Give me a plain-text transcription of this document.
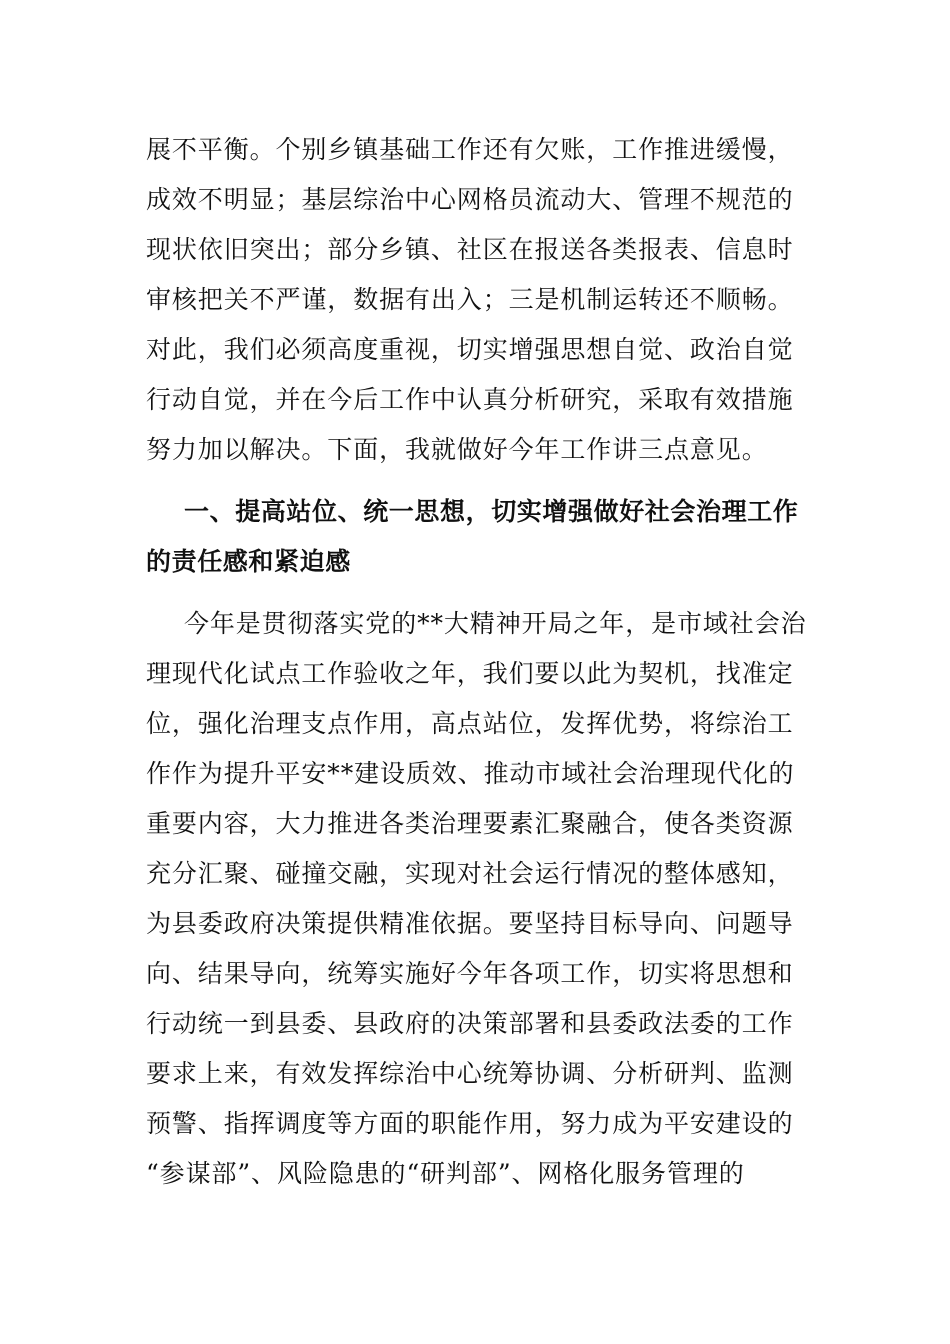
展不平衡。个别乡镇基础工作还有欠账，工作推进缓慢，
成效不明显；基层综治中心网格员流动大、管理不规范的
现状依旧突出；部分乡镇、社区在报送各类报表、信息时
审核把关不严谨，数据有出入；三是机制运转还不顺畅。
对此，我们必须高度重视，切实增强思想自觉、政治自觉
行动自觉，并在今后工作中认真分析研究，采取有效措施
努力加以解决。下面，我就做好今年工作讲三点意见。
一、提高站位、统一思想，切实增强做好社会治理工作
的责任感和紧迫感
今年是贯彻落实党的**大精神开局之年，是市域社会治
理现代化试点工作验收之年，我们要以此为契机，找准定
位，强化治理支点作用，高点站位，发挥优势，将综治工
作作为提升平安**建设质效、推动市域社会治理现代化的
重要内容，大力推进各类治理要素汇聚融合，使各类资源
充分汇聚、碰撞交融，实现对社会运行情况的整体感知，
为县委政府决策提供精准依据。要坚持目标导向、问题导
向、结果导向，统筹实施好今年各项工作，切实将思想和
行动统一到县委、县政府的决策部署和县委政法委的工作
要求上来，有效发挥综治中心统筹协调、分析研判、监测
预警、指挥调度等方面的职能作用，努力成为平安建设的
“参谋部”、风险隐患的“研判部”、网格化服务管理的
